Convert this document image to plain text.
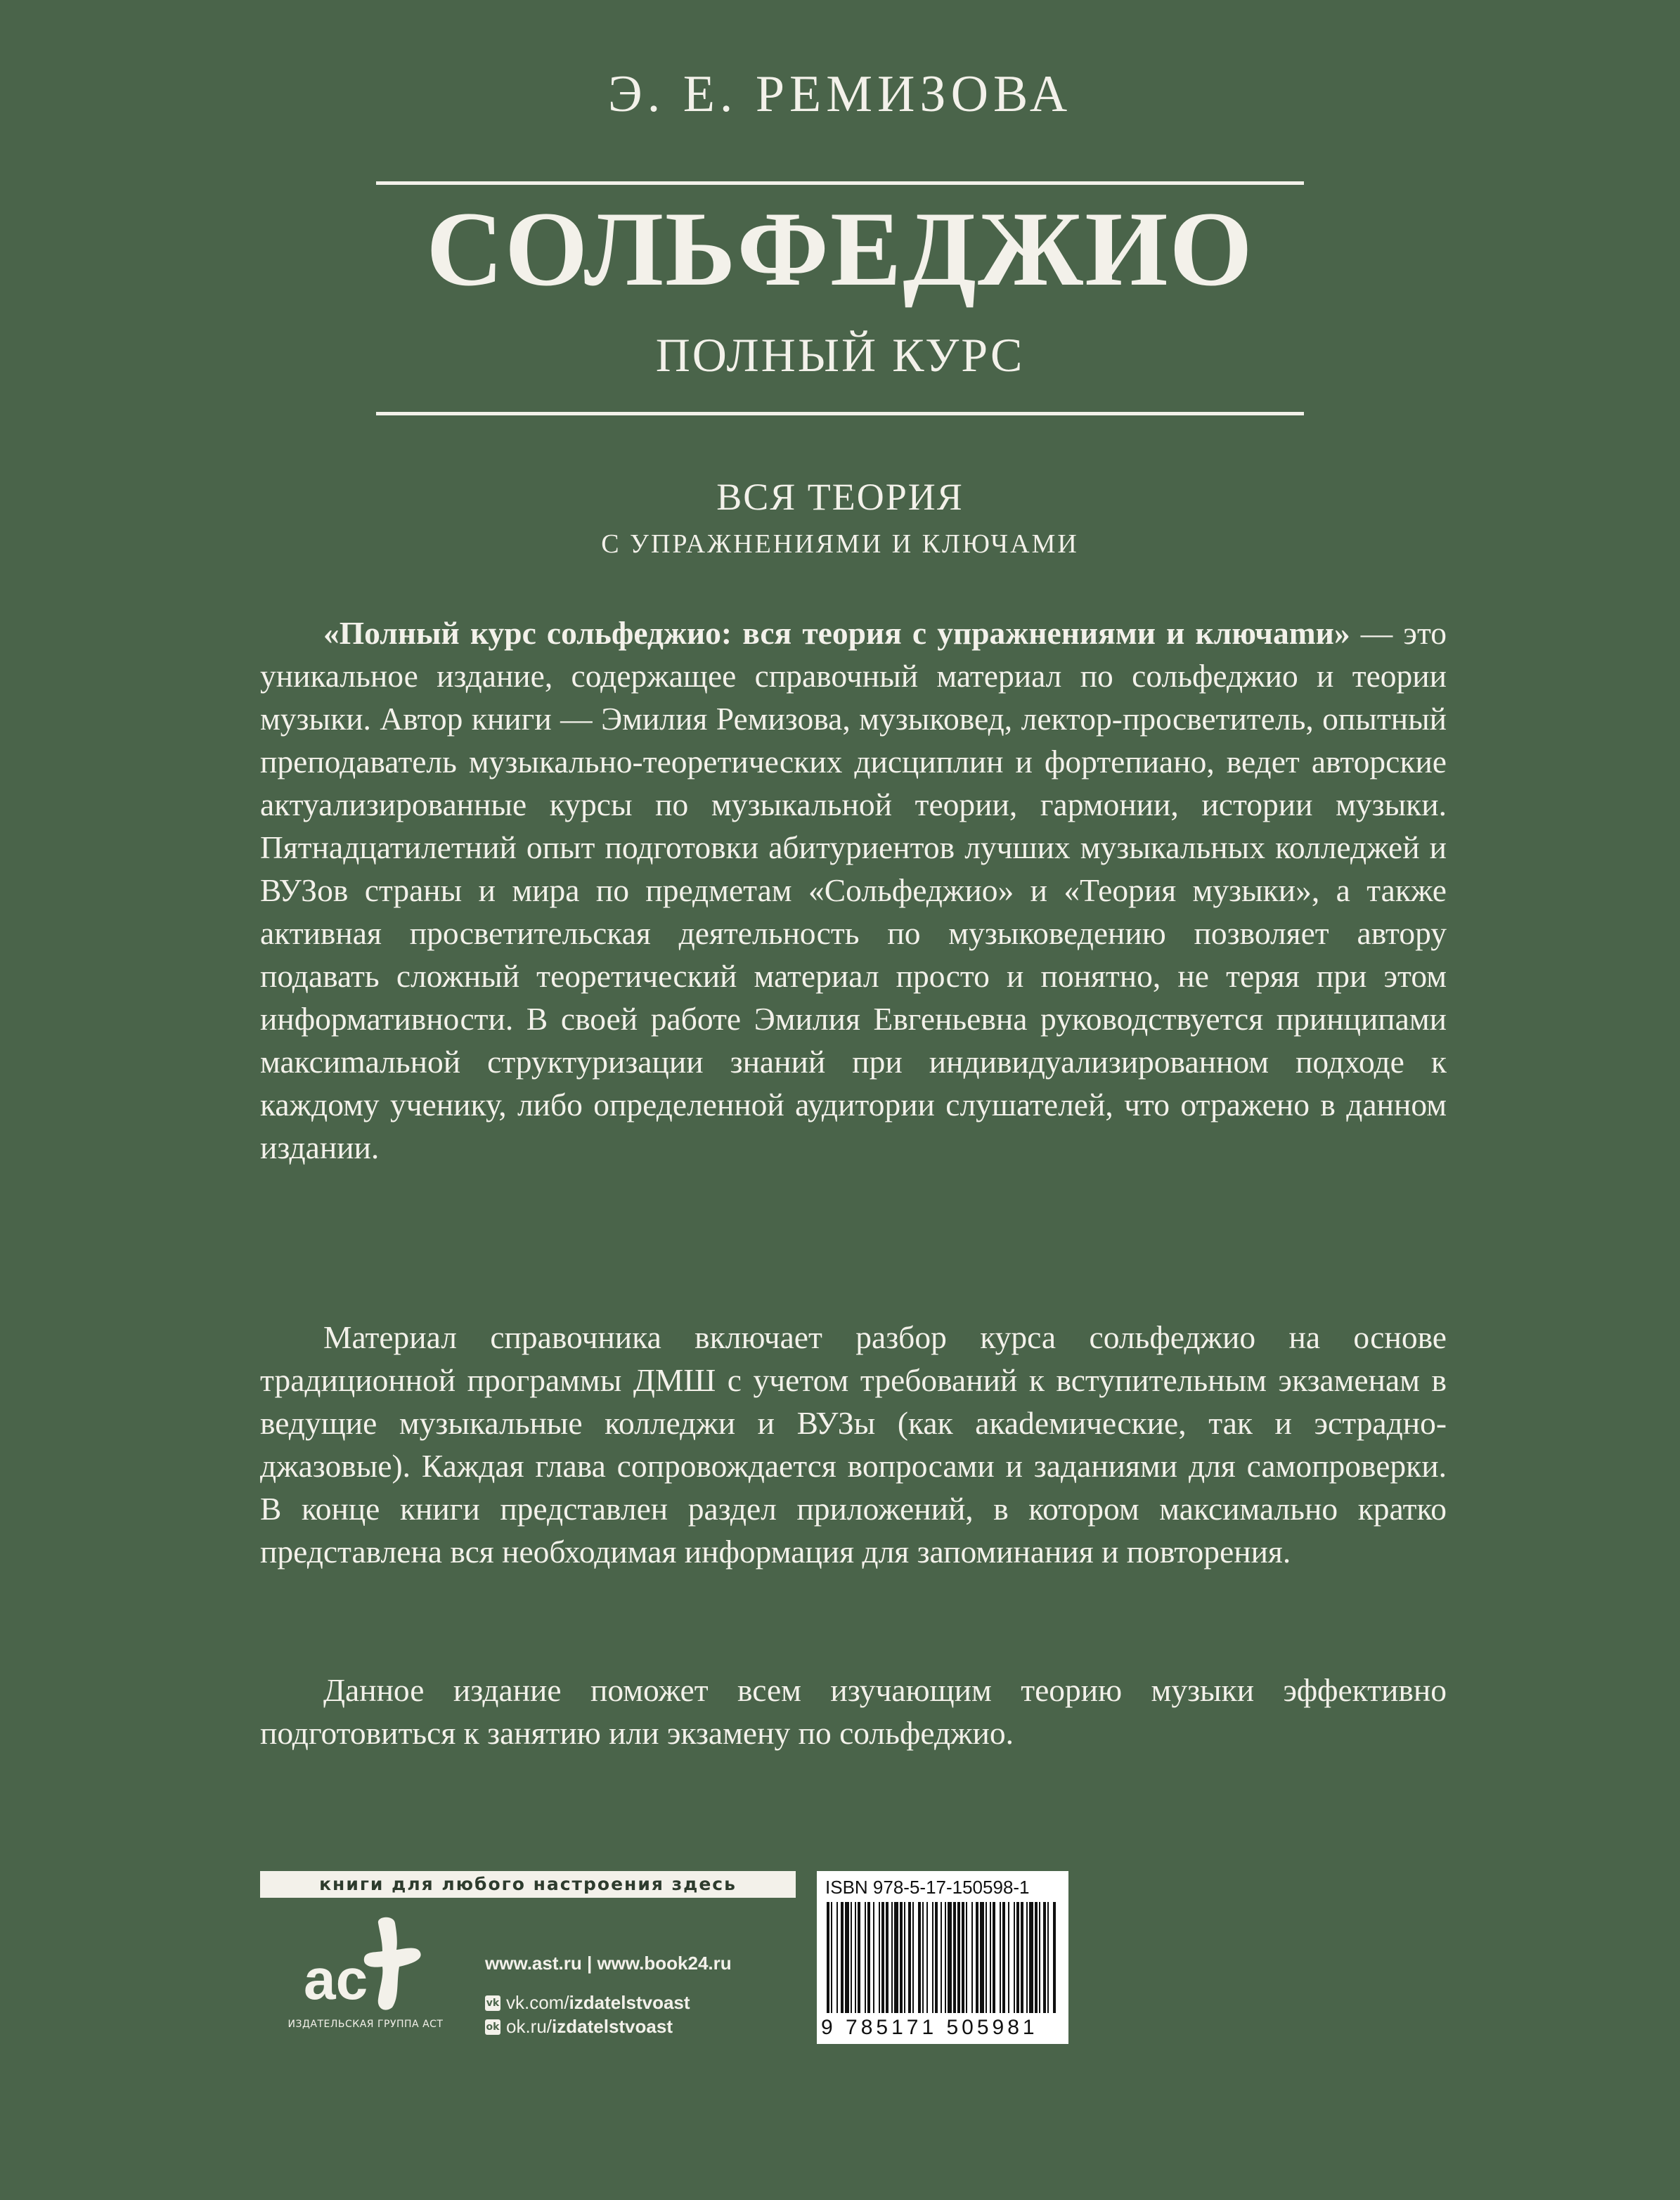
Э. Е. РЕМИЗОВА
СОЛЬФЕДЖИО
ПОЛНЫЙ КУРС
ВСЯ ТЕОРИЯ
С УПРАЖНЕНИЯМИ И КЛЮЧАМИ

«Полный курс сольфеджио: вся теория с упражнениями и ключаmи» — это уникальное издание, содержащее справочный материал по сольфеджио и теории музыки. Автор книги — Эмилия Ремизова, музыковед, лектор-просветитель, опытный преподаватель музыкально-теоретических дисциплин и фортепиано, ведет авторские актуализированные курсы по музыкальной теории, гармонии, истории музыки. Пятнадцатилетний опыт подготовки абитуриентов лучших музыкальных колледжей и ВУЗов страны и мира по предметам «Сольфеджио» и «Теория музыки», а также активная просветительская деятельность по музыковедению позволяет автору подавать сложный теоретический материал просто и понятно, не теряя при этом информативности. В своей работе Эмилия Евгеньевна руководствуется принципами максиmальной структуризации знаний при индивидуализированном подходе к каждому ученику, либо определенной аудитории слушателей, что отражено в данном издании.

Материал справочника включает разбор курса сольфеджио на основе традиционной программы ДМШ с учетом требований к вступительным экзаменам в ведущие музыкальные колледжи и ВУЗы (как акаdемические, так и эстрадно-джазовые). Каждая глава сопровождается вопросами и заданиями для самопроверки. В конце книги представлен раздел приложений, в котором максимально кратко представлена вся необходимая информация для запоминания и повторения.

Данное издание поможет всем изучающим теорию музыки эффективно подготовиться к занятию или экзамену по сольфеджио.

книги для любого настроения здесь
ac
ИЗДАТЕЛЬСКАЯ ГРУППА АСТ
www.ast.ru | www.book24.ru
vk vk.com/izdatelstvoast
ok ok.ru/izdatelstvoast
ISBN 978-5-17-150598-1
9 785171 505981
